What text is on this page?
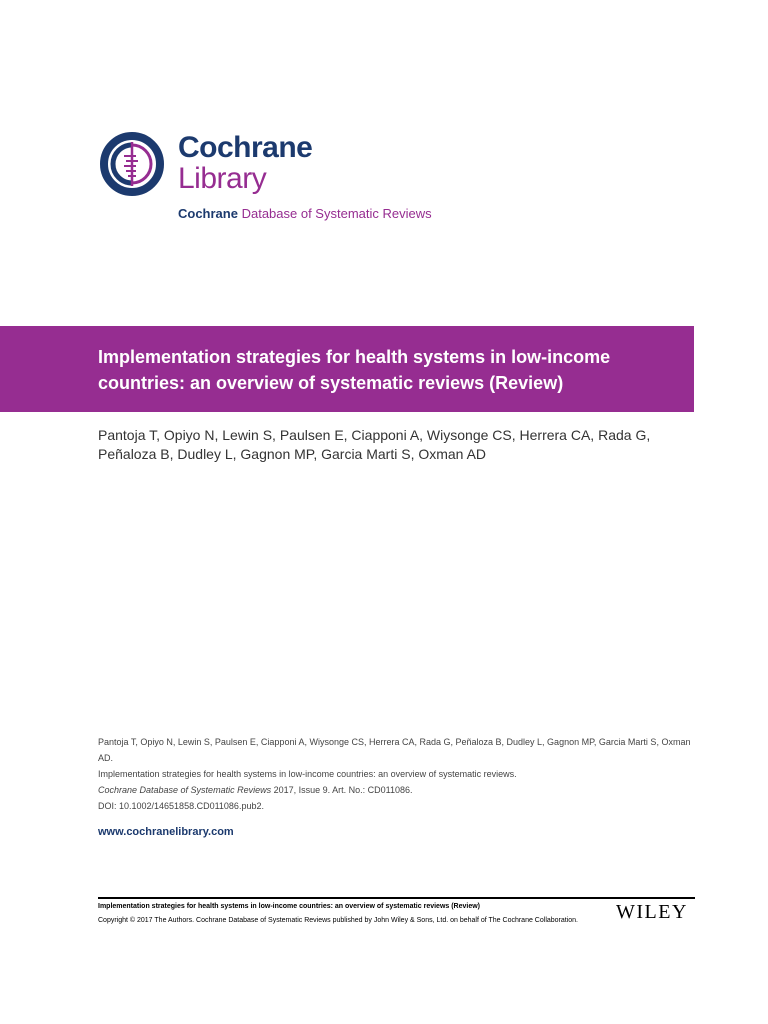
Cochrane
Library
Cochrane Database of Systematic Reviews
Implementation strategies for health systems in low-income countries: an overview of systematic reviews (Review)
Pantoja T, Opiyo N, Lewin S, Paulsen E, Ciapponi A, Wiysonge CS, Herrera CA, Rada G, Peñaloza B, Dudley L, Gagnon MP, Garcia Marti S, Oxman AD
Pantoja T, Opiyo N, Lewin S, Paulsen E, Ciapponi A, Wiysonge CS, Herrera CA, Rada G, Peñaloza B, Dudley L, Gagnon MP, Garcia Marti S, Oxman AD.
Implementation strategies for health systems in low-income countries: an overview of systematic reviews.
Cochrane Database of Systematic Reviews 2017, Issue 9. Art. No.: CD011086.
DOI: 10.1002/14651858.CD011086.pub2.
www.cochranelibrary.com
Implementation strategies for health systems in low-income countries: an overview of systematic reviews (Review)
Copyright © 2017 The Authors. Cochrane Database of Systematic Reviews published by John Wiley & Sons, Ltd. on behalf of The Cochrane Collaboration.	WILEY
